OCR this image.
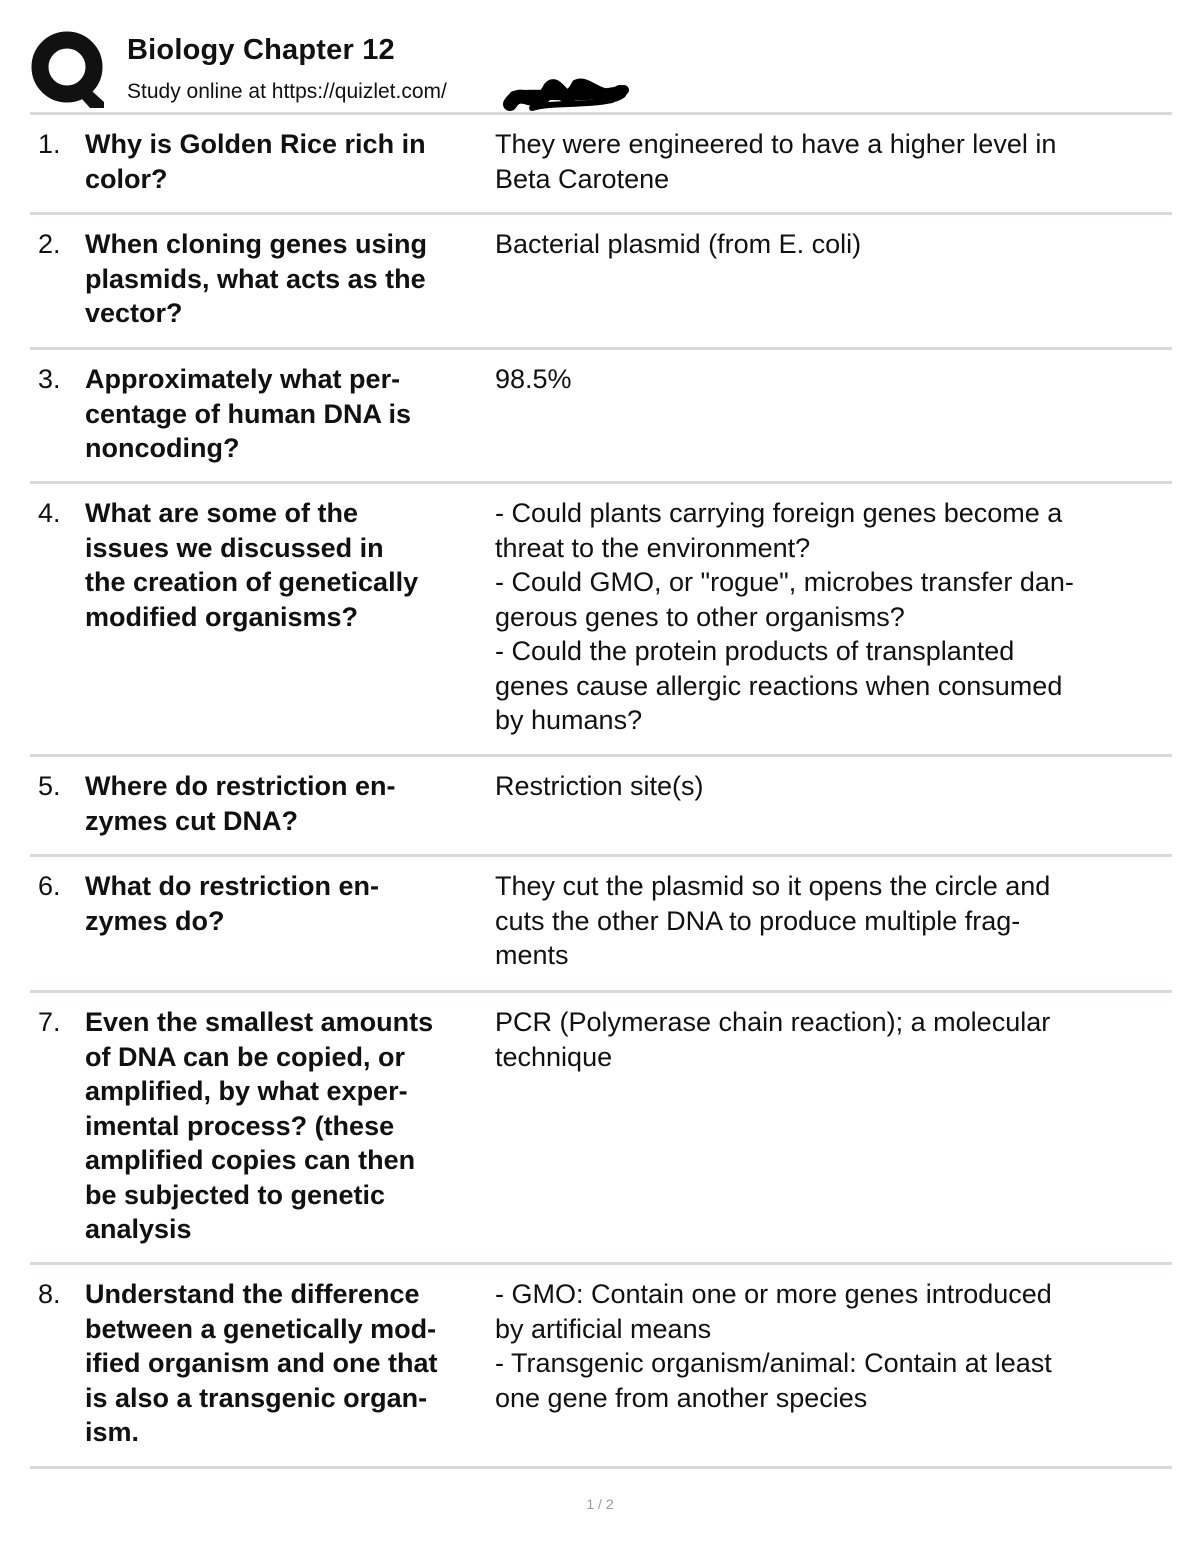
Biology Chapter 12
Study online at https://quizlet.com/
1. Why is Golden Rice rich in
color?
They were engineered to have a higher level in
Beta Carotene
2. When cloning genes using
plasmids, what acts as the
vector?
Bacterial plasmid (from E. coli)
3. Approximately what per-
centage of human DNA is
noncoding?
98.5%
4. What are some of the
issues we discussed in
the creation of genetically
modified organisms?
- Could plants carrying foreign genes become a
threat to the environment?
- Could GMO, or "rogue", microbes transfer dan-
gerous genes to other organisms?
- Could the protein products of transplanted
genes cause allergic reactions when consumed
by humans?
5. Where do restriction en-
zymes cut DNA?
Restriction site(s)
6. What do restriction en-
zymes do?
They cut the plasmid so it opens the circle and
cuts the other DNA to produce multiple frag-
ments
7. Even the smallest amounts
of DNA can be copied, or
amplified, by what exper-
imental process? (these
amplified copies can then
be subjected to genetic
analysis
PCR (Polymerase chain reaction); a molecular
technique
8. Understand the difference
between a genetically mod-
ified organism and one that
is also a transgenic organ-
ism.
- GMO: Contain one or more genes introduced
by artificial means
- Transgenic organism/animal: Contain at least
one gene from another species
1 / 2
